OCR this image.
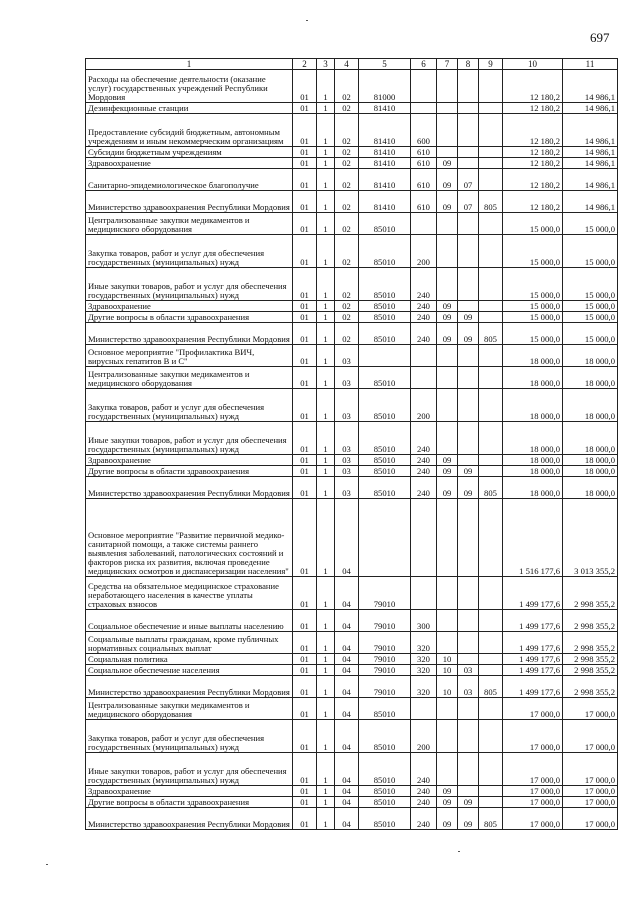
697
1	2	3	4	5	6	7	8	9	10	11
Расходы на обеспечение деятельности (оказание услуг) государственных учреждений Республики Мордовия	01	1	02	81000					12 180,2	14 986,1
Дезинфекционные станции	01	1	02	81410					12 180,2	14 986,1
Предоставление субсидий бюджетным, автономным учреждениям и иным некоммерческим организациям	01	1	02	81410	600				12 180,2	14 986,1
Субсидии бюджетным учреждениям	01	1	02	81410	610				12 180,2	14 986,1
Здравоохранение	01	1	02	81410	610	09			12 180,2	14 986,1
Санитарно-эпидемиологическое благополучие	01	1	02	81410	610	09	07		12 180,2	14 986,1
Министерство здравоохранения Республики Мордовия	01	1	02	81410	610	09	07	805	12 180,2	14 986,1
Централизованные закупки медикаментов и медицинского оборудования	01	1	02	85010					15 000,0	15 000,0
Закупка товаров, работ и услуг для обеспечения государственных (муниципальных) нужд	01	1	02	85010	200				15 000,0	15 000,0
Иные закупки товаров, работ и услуг для обеспечения государственных (муниципальных) нужд	01	1	02	85010	240				15 000,0	15 000,0
Здравоохранение	01	1	02	85010	240	09			15 000,0	15 000,0
Другие вопросы в области здравоохранения	01	1	02	85010	240	09	09		15 000,0	15 000,0
Министерство здравоохранения Республики Мордовия	01	1	02	85010	240	09	09	805	15 000,0	15 000,0
Основное мероприятие "Профилактика ВИЧ, вирусных гепатитов В и С"	01	1	03						18 000,0	18 000,0
Централизованные закупки медикаментов и медицинского оборудования	01	1	03	85010					18 000,0	18 000,0
Закупка товаров, работ и услуг для обеспечения государственных (муниципальных) нужд	01	1	03	85010	200				18 000,0	18 000,0
Иные закупки товаров, работ и услуг для обеспечения государственных (муниципальных) нужд	01	1	03	85010	240				18 000,0	18 000,0
Здравоохранение	01	1	03	85010	240	09			18 000,0	18 000,0
Другие вопросы в области здравоохранения	01	1	03	85010	240	09	09		18 000,0	18 000,0
Министерство здравоохранения Республики Мордовия	01	1	03	85010	240	09	09	805	18 000,0	18 000,0
Основное мероприятие "Развитие первичной медико-санитарной помощи, а также системы раннего выявления заболеваний, патологических состояний и факторов риска их развития, включая проведение медицинских осмотров и диспансеризации населения"	01	1	04						1 516 177,6	3 013 355,2
Средства на обязательное медицинское страхование неработающего населения в качестве уплаты страховых взносов	01	1	04	79010					1 499 177,6	2 998 355,2
Социальное обеспечение и иные выплаты населению	01	1	04	79010	300				1 499 177,6	2 998 355,2
Социальные выплаты гражданам, кроме публичных нормативных социальных выплат	01	1	04	79010	320				1 499 177,6	2 998 355,2
Социальная политика	01	1	04	79010	320	10			1 499 177,6	2 998 355,2
Социальное обеспечение населения	01	1	04	79010	320	10	03		1 499 177,6	2 998 355,2
Министерство здравоохранения Республики Мордовия	01	1	04	79010	320	10	03	805	1 499 177,6	2 998 355,2
Централизованные закупки медикаментов и медицинского оборудования	01	1	04	85010					17 000,0	17 000,0
Закупка товаров, работ и услуг для обеспечения государственных (муниципальных) нужд	01	1	04	85010	200				17 000,0	17 000,0
Иные закупки товаров, работ и услуг для обеспечения государственных (муниципальных) нужд	01	1	04	85010	240				17 000,0	17 000,0
Здравоохранение	01	1	04	85010	240	09			17 000,0	17 000,0
Другие вопросы в области здравоохранения	01	1	04	85010	240	09	09		17 000,0	17 000,0
Министерство здравоохранения Республики Мордовия	01	1	04	85010	240	09	09	805	17 000,0	17 000,0
